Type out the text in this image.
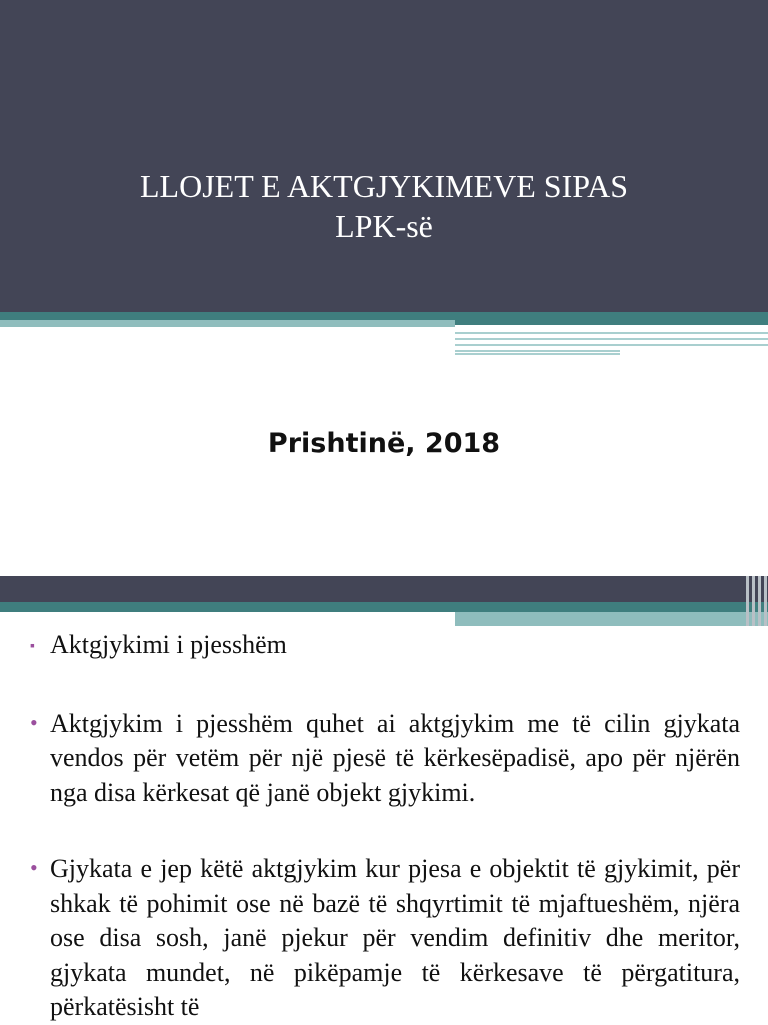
LLOJET E AKTGJYKIMEVE SIPAS
LPK-së

Prishtinë, 2018

▪ Aktgjykimi i pjesshëm
• Aktgjykim i pjesshëm quhet ai aktgjykim me të cilin gjykata vendos për vetëm për një pjesë të kërkesëpadisë, apo për njërën nga disa kërkesat që janë objekt gjykimi.
• Gjykata e jep këtë aktgjykim kur pjesa e objektit të gjykimit, për shkak të pohimit ose në bazë të shqyrtimit të mjaftueshëm, njëra ose disa sosh, janë pjekur për vendim definitiv dhe meritor, gjykata mundet, në pikëpamje të kërkesave të përgatitura, përkatësisht të
